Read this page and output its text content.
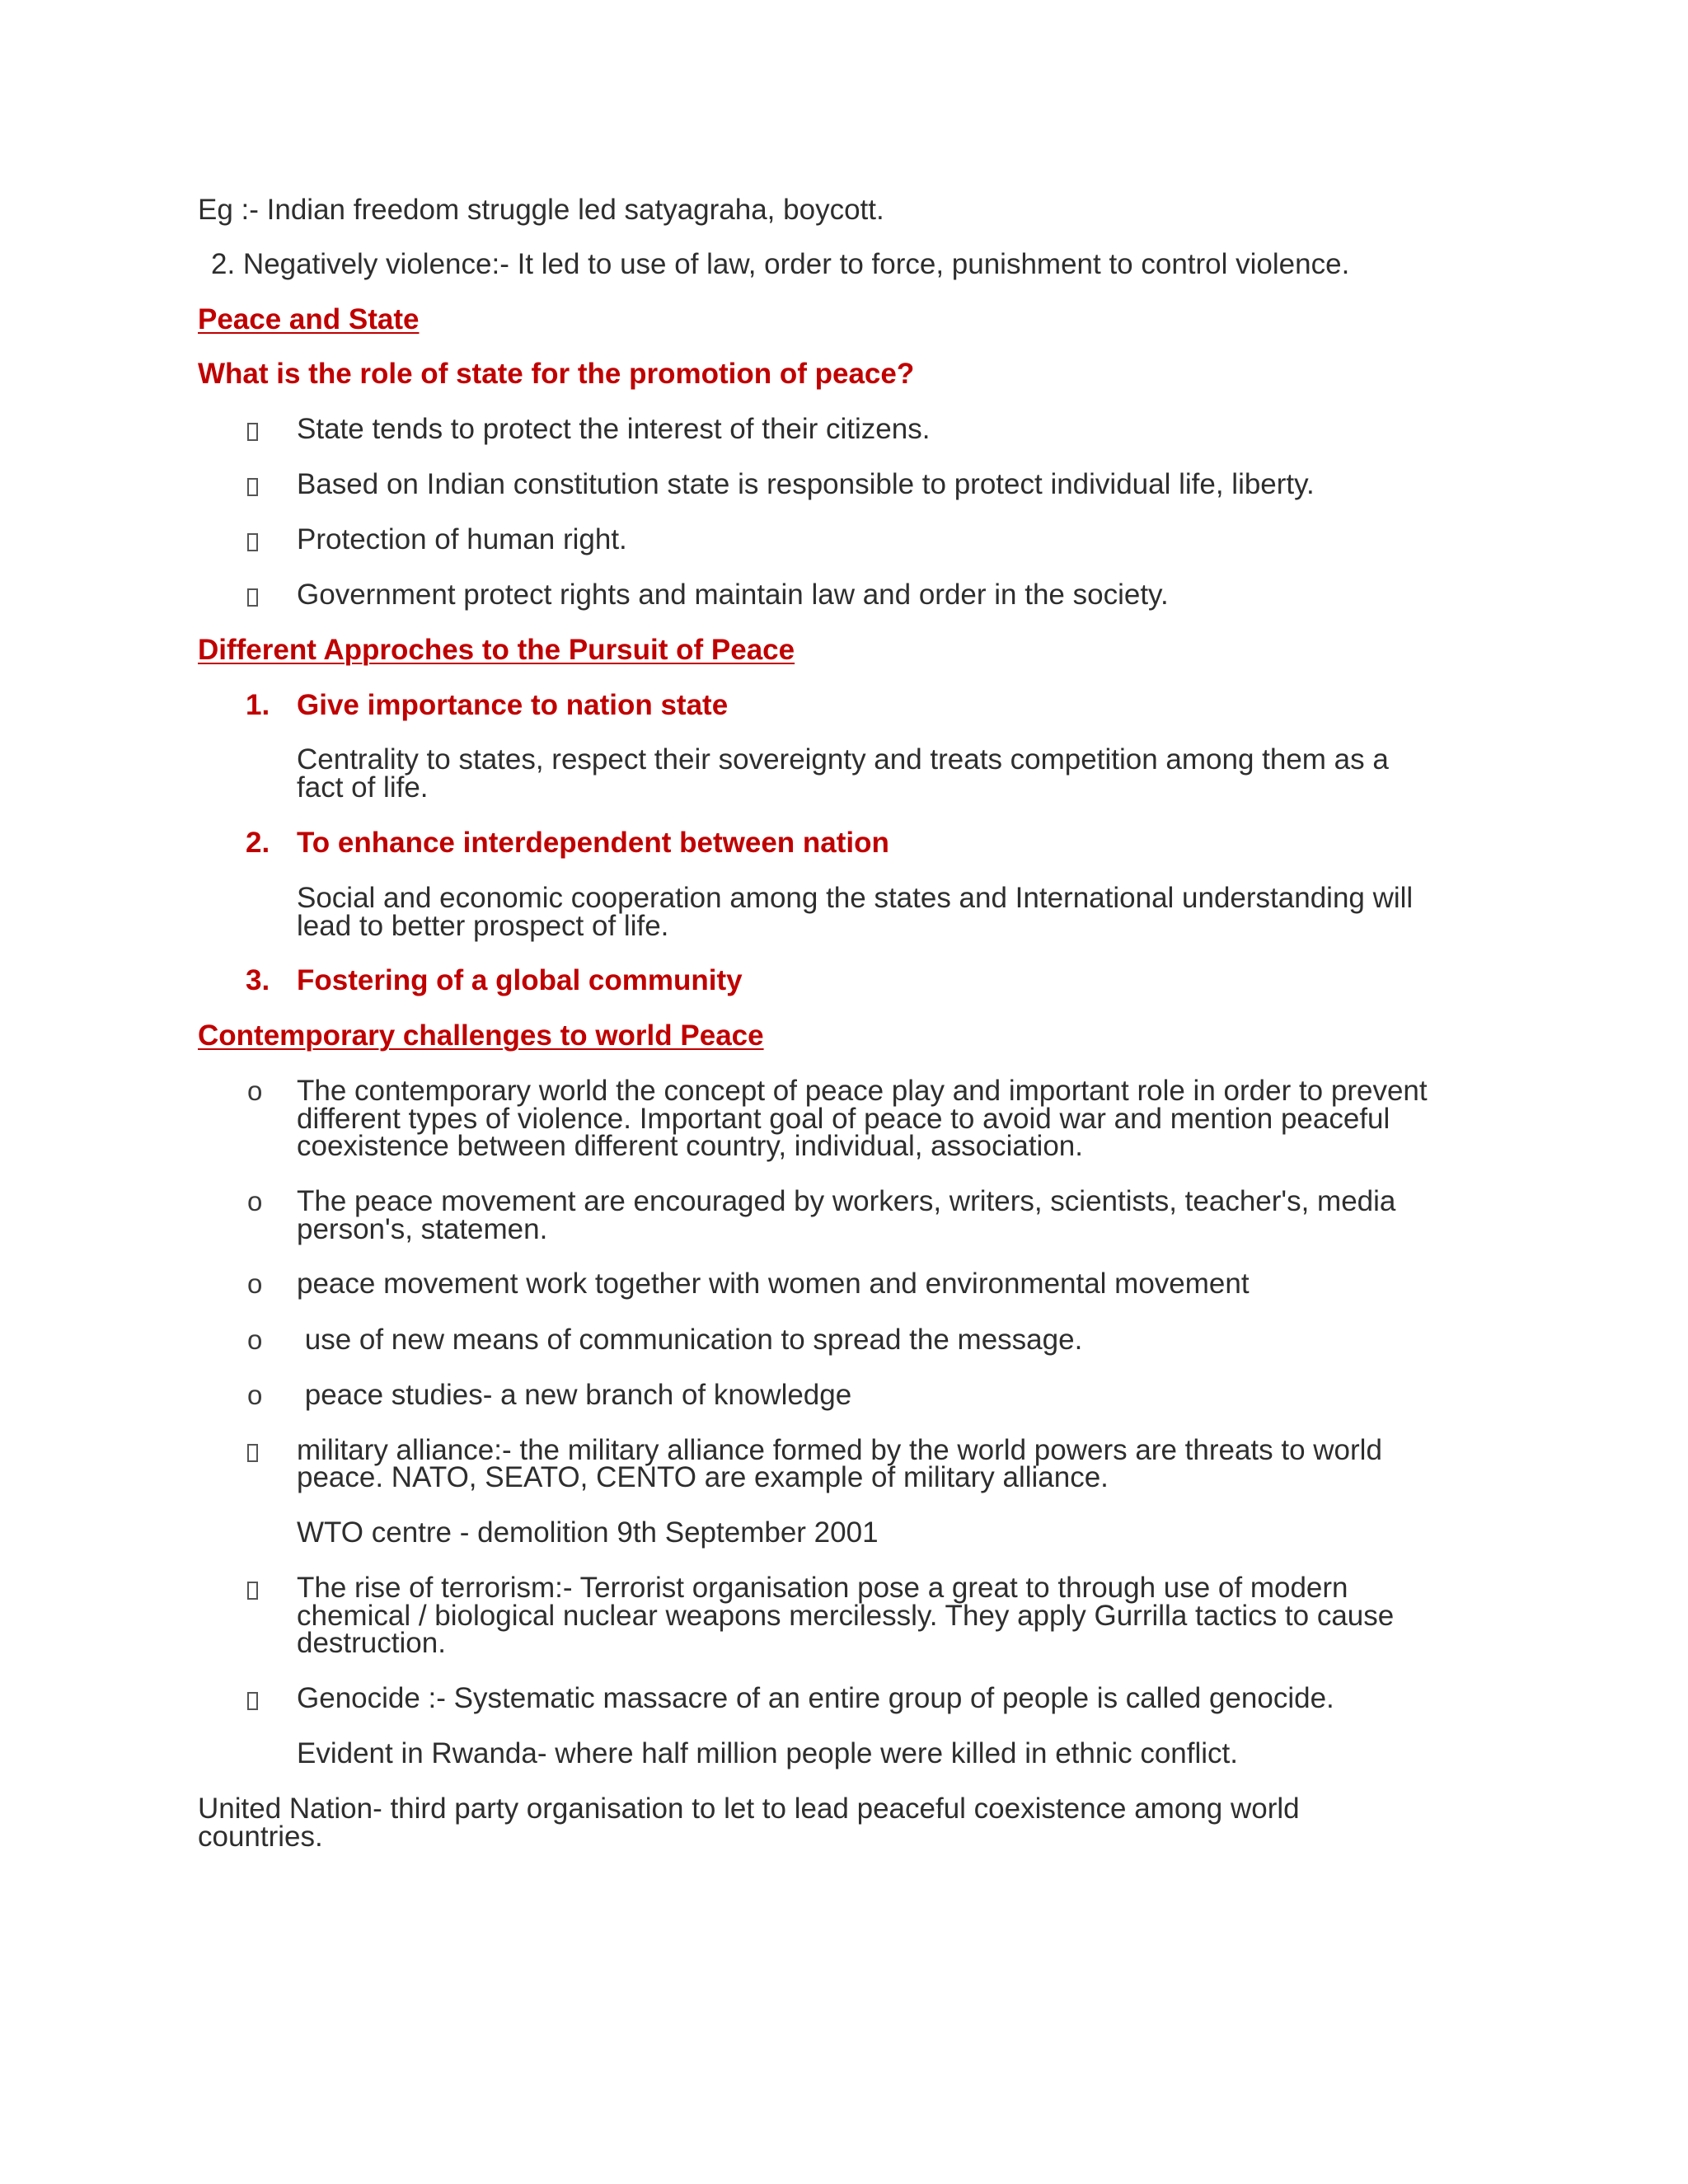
Eg :- Indian freedom struggle led satyagraha, boycott.
2. Negatively violence:- It led to use of law, order to force, punishment to control violence.
Peace and State
What is the role of state for the promotion of peace?
State tends to protect the interest of their citizens.
Based on Indian constitution state is responsible to protect individual life, liberty.
Protection of human right.
Government protect rights and maintain law and order in the society.
Different Approches to the Pursuit of Peace
1. Give importance to nation state
Centrality to states, respect their sovereignty and treats competition among them as a
fact of life.
2. To enhance interdependent between nation
Social and economic cooperation among the states and International understanding will
lead to better prospect of life.
3. Fostering of a global community
Contemporary challenges to world Peace
o The contemporary world the concept of peace play and important role in order to prevent
different types of violence. Important goal of peace to avoid war and mention peaceful
coexistence between different country, individual, association.
o The peace movement are encouraged by workers, writers, scientists, teacher's, media
person's, statemen.
o peace movement work together with women and environmental movement
o use of new means of communication to spread the message.
o peace studies- a new branch of knowledge
military alliance:- the military alliance formed by the world powers are threats to world
peace. NATO, SEATO, CENTO are example of military alliance.
WTO centre - demolition 9th September 2001
The rise of terrorism:- Terrorist organisation pose a great to through use of modern
chemical / biological nuclear weapons mercilessly. They apply Gurrilla tactics to cause
destruction.
Genocide :- Systematic massacre of an entire group of people is called genocide.
Evident in Rwanda- where half million people were killed in ethnic conflict.
United Nation- third party organisation to let to lead peaceful coexistence among world
countries.
